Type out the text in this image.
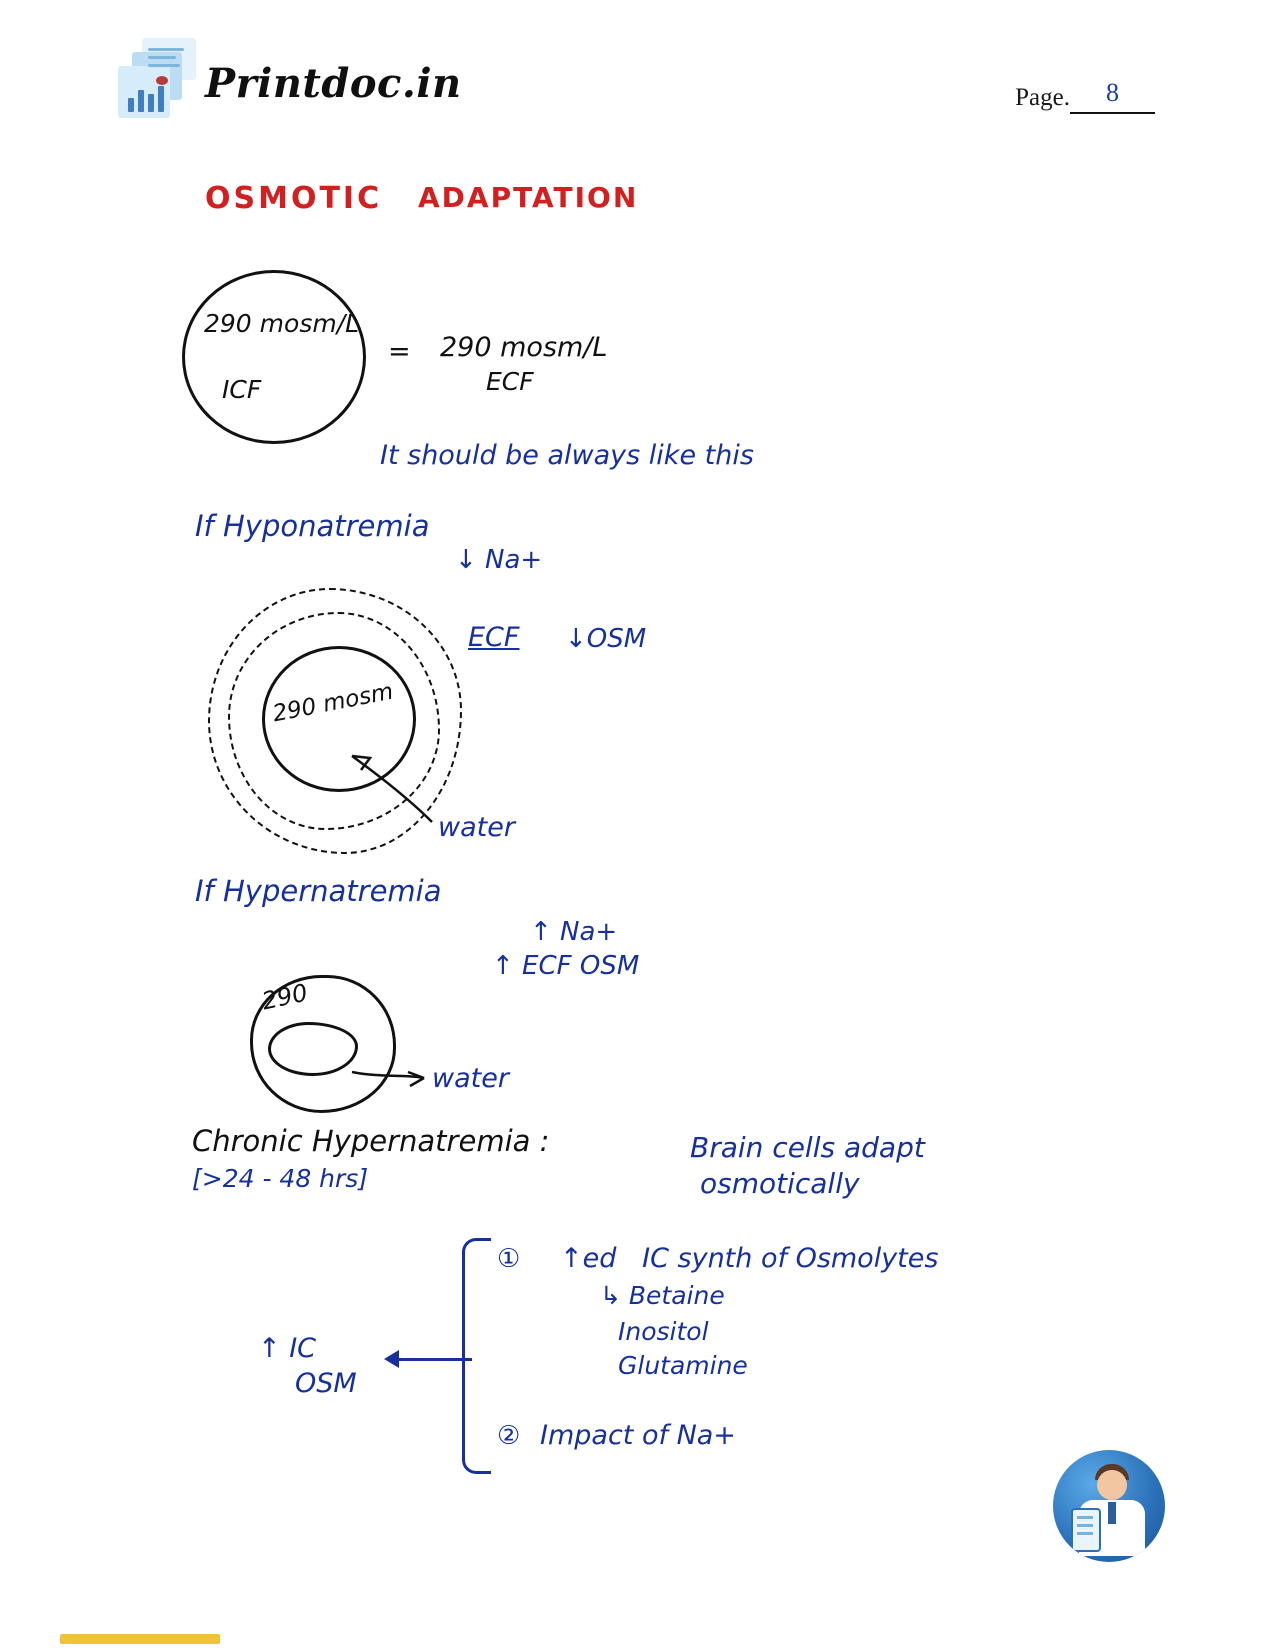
Printdoc.in	Page.	8
OSMOTIC ADAPTATION
290 mosm/L
ICF
= 290 mosm/L
ECF
It should be always like this
If Hyponatremia
↓ Na+
290 mosm
ECF ↓OSM
water
If Hypernatremia
↑ Na+
↑ ECF OSM
290
water
Chronic Hypernatremia :
[>24 - 48 hrs]
Brain cells adapt
osmotically
① ↑ed   IC synth of Osmolytes
↳ Betaine
Inositol
Glutamine
② Impact of Na+
↑ IC
OSM
